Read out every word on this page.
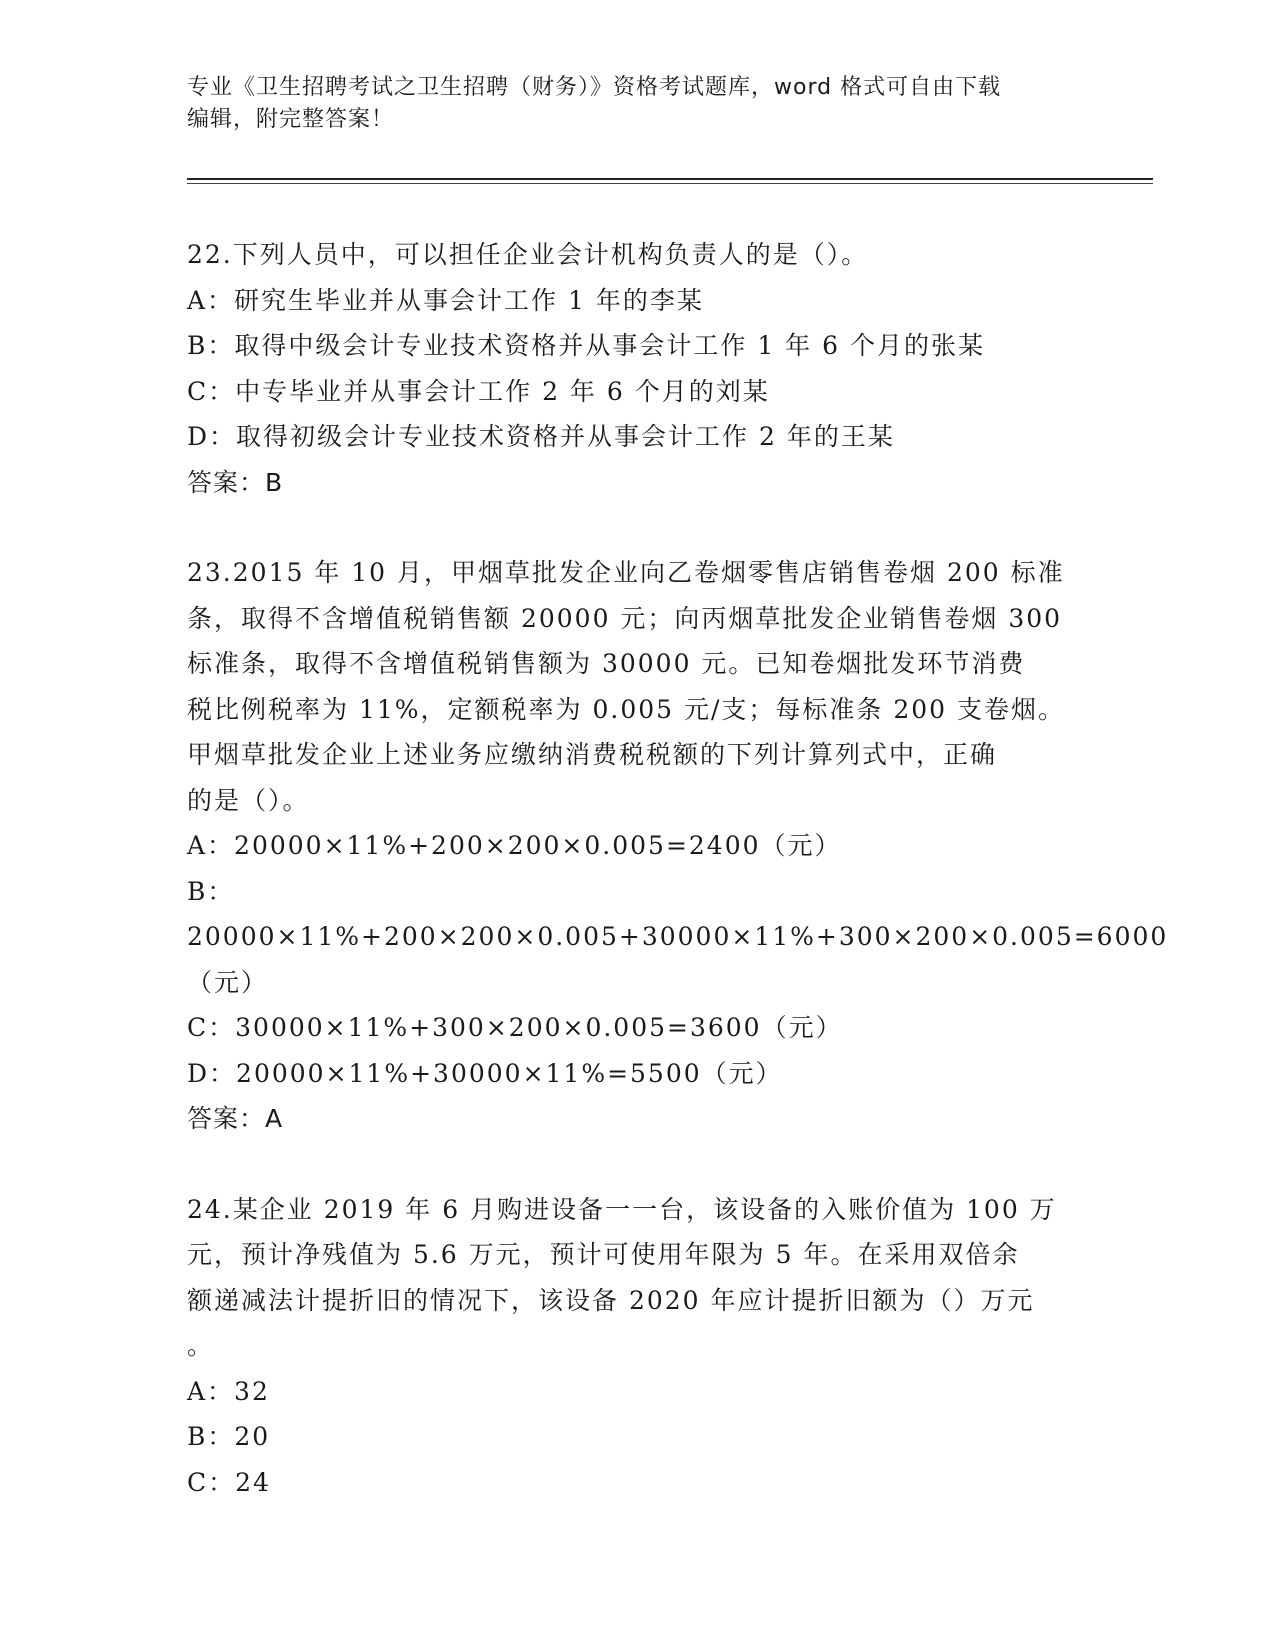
专业《卫生招聘考试之卫生招聘（财务）》资格考试题库，word 格式可自由下载
编辑，附完整答案！

22.下列人员中，可以担任企业会计机构负责人的是（）。

A：研究生毕业并从事会计工作 1 年的李某

B：取得中级会计专业技术资格并从事会计工作 1 年 6 个月的张某

C：中专毕业并从事会计工作 2 年 6 个月的刘某

D：取得初级会计专业技术资格并从事会计工作 2 年的王某

答案：B

23.2015 年 10 月，甲烟草批发企业向乙卷烟零售店销售卷烟 200 标准

条，取得不含增值税销售额 20000 元；向丙烟草批发企业销售卷烟 300

标准条，取得不含增值税销售额为 30000 元。已知卷烟批发环节消费

税比例税率为 11%，定额税率为 0.005 元/支；每标准条 200 支卷烟。

甲烟草批发企业上述业务应缴纳消费税税额的下列计算列式中，正确

的是（）。

A：20000×11%+200×200×0.005=2400（元）

B：20000×11%+200×200×0.005+30000×11%+300×200×0.005=6000

（元）

C：30000×11%+300×200×0.005=3600（元）

D：20000×11%+30000×11%=5500（元）

答案：A

24.某企业 2019 年 6 月购进设备一一台，该设备的入账价值为 100 万

元，预计净残值为 5.6 万元，预计可使用年限为 5 年。在采用双倍余

额递减法计提折旧的情况下，该设备 2020 年应计提折旧额为（）万元

。

A：32

B：20

C：24
